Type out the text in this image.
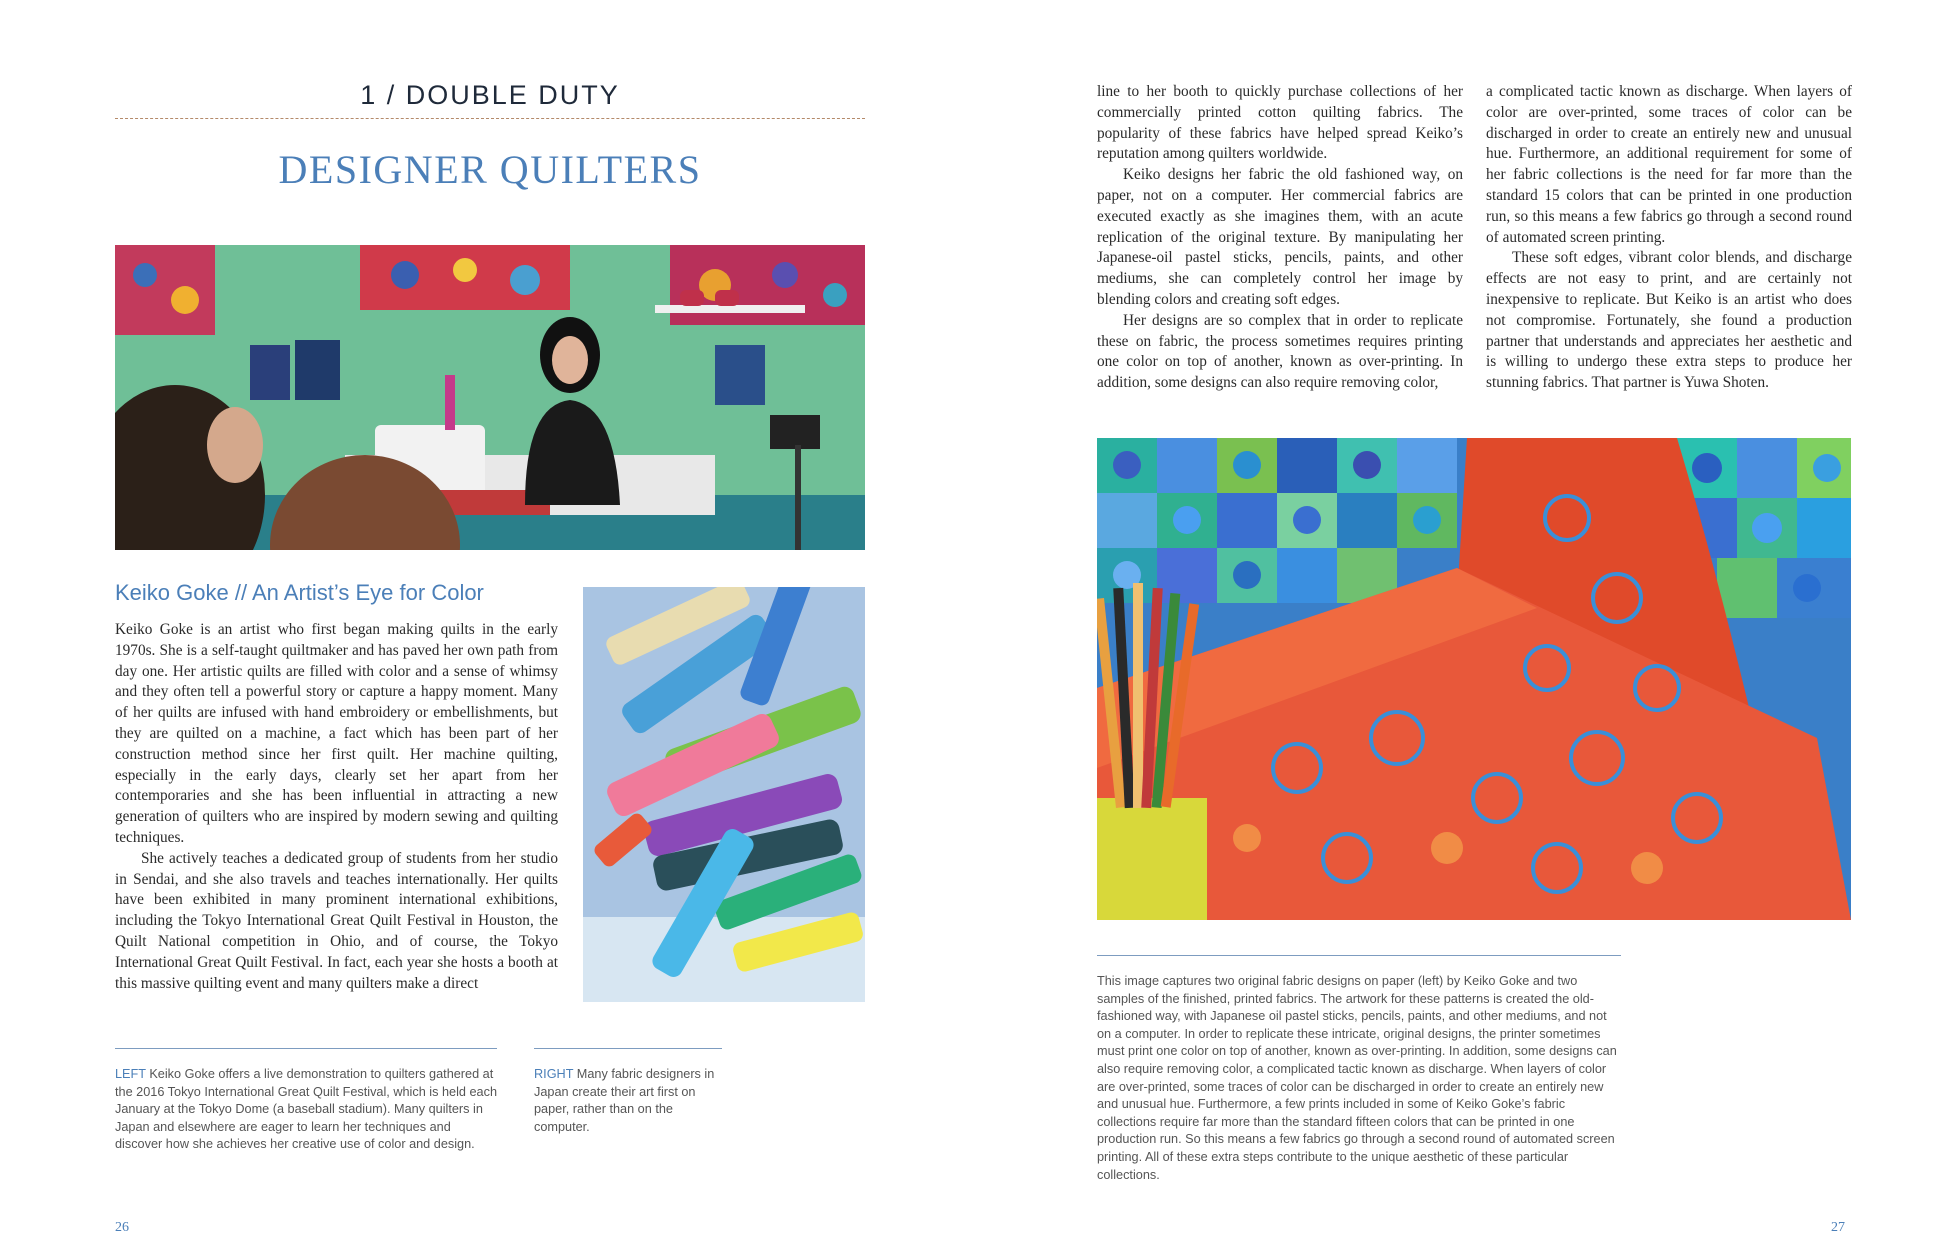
1 / DOUBLE DUTY
DESIGNER QUILTERS
Keiko Goke // An Artist’s Eye for Color

Keiko Goke is an artist who first began making quilts in the early 1970s. She is a self-taught quiltmaker and has paved her own path from day one. Her artistic quilts are filled with color and a sense of whimsy and they often tell a powerful story or capture a happy moment. Many of her quilts are infused with hand embroidery or embellishments, but they are quilted on a machine, a fact which has been part of her construction method since her first quilt. Her machine quilting, especially in the early days, clearly set her apart from her contemporaries and she has been influential in attracting a new generation of quilters who are inspired by modern sewing and quilting techniques.

She actively teaches a dedicated group of students from her studio in Sendai, and she also travels and teaches internationally. Her quilts have been exhibited in many prominent international exhibitions, including the Tokyo International Great Quilt Festival in Houston, the Quilt National competition in Ohio, and of course, the Tokyo International Great Quilt Festival. In fact, each year she hosts a booth at this massive quilting event and many quilters make a direct

LEFT Keiko Goke offers a live demonstration to quilters gathered at the 2016 Tokyo International Great Quilt Festival, which is held each January at the Tokyo Dome (a baseball stadium). Many quilters in Japan and elsewhere are eager to learn her techniques and discover how she achieves her creative use of color and design.
RIGHT Many fabric designers in Japan create their art first on paper, rather than on the computer.
26

line to her booth to quickly purchase collections of her commercially printed cotton quilting fabrics. The popularity of these fabrics have helped spread Keiko’s reputation among quilters worldwide.

Keiko designs her fabric the old fashioned way, on paper, not on a computer. Her commercial fabrics are executed exactly as she imagines them, with an acute replication of the original texture. By manipulating her Japanese-oil pastel sticks, pencils, paints, and other mediums, she can completely control her image by blending colors and creating soft edges.

Her designs are so complex that in order to replicate these on fabric, the process sometimes requires printing one color on top of another, known as over-printing. In addition, some designs can also require removing color,

a complicated tactic known as discharge. When layers of color are over-printed, some traces of color can be discharged in order to create an entirely new and unusual hue. Furthermore, an additional requirement for some of her fabric collections is the need for far more than the standard 15 colors that can be printed in one production run, so this means a few fabrics go through a second round of automated screen printing.

These soft edges, vibrant color blends, and discharge effects are not easy to print, and are certainly not inexpensive to replicate. But Keiko is an artist who does not compromise. Fortunately, she found a production partner that understands and appreciates her aesthetic and is willing to undergo these extra steps to produce her stunning fabrics. That partner is Yuwa Shoten.

This image captures two original fabric designs on paper (left) by Keiko Goke and two samples of the finished, printed fabrics. The artwork for these patterns is created the old-fashioned way, with Japanese oil pastel sticks, pencils, paints, and other mediums, and not on a computer. In order to replicate these intricate, original designs, the printer sometimes must print one color on top of another, known as over-printing. In addition, some designs can also require removing color, a complicated tactic known as discharge. When layers of color are over-printed, some traces of color can be discharged in order to create an entirely new and unusual hue. Furthermore, a few prints included in some of Keiko Goke’s fabric collections require far more than the standard fifteen colors that can be printed in one production run. So this means a few fabrics go through a second round of automated screen printing. All of these extra steps contribute to the unique aesthetic of these particular collections.
27
